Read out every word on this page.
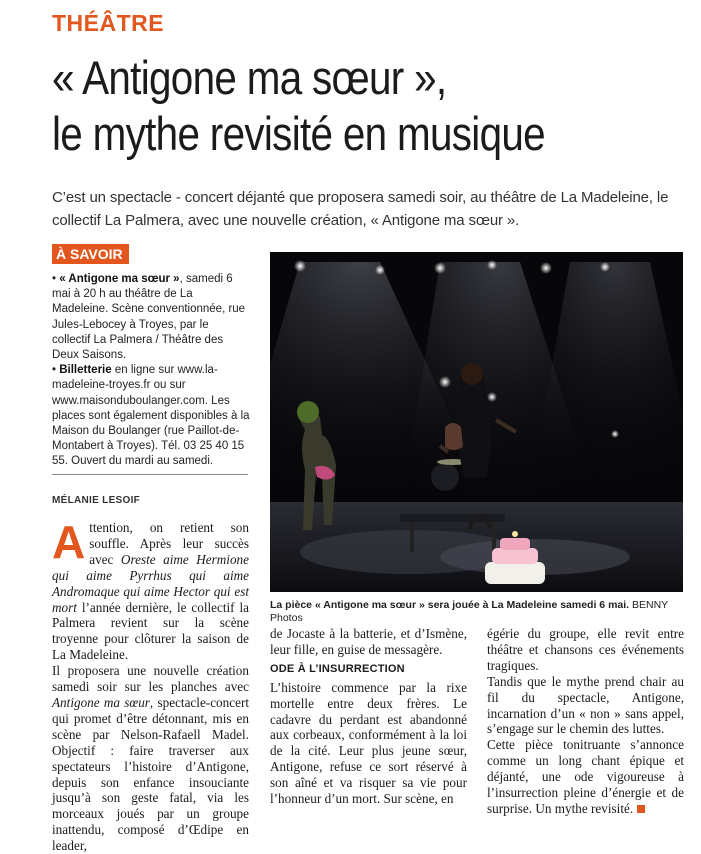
THÉÂTRE
« Antigone ma sœur »,
le mythe revisité en musique
C’est un spectacle - concert déjanté que proposera samedi soir, au théâtre de La Madeleine, le collectif La Palmera, avec une nouvelle création, « Antigone ma sœur ».
À SAVOIR

• « Antigone ma sœur », samedi 6 mai à 20 h au théâtre de La Madeleine. Scène conventionnée, rue Jules-Lebocey à Troyes, par le collectif La Palmera / Théâtre des Deux Saisons.

• Billetterie en ligne sur www.la-madeleine-troyes.fr ou sur www.maisonduboulanger.com. Les places sont également disponibles à la Maison du Boulanger (rue Paillot-de-Montabert à Troyes). Tél. 03 25 40 15 55. Ouvert du mardi au samedi.

MÉLANIE LESOIF
La pièce « Antigone ma sœur » sera jouée à La Madeleine samedi 6 mai. BENNY Photos

Attention, on retient son souffle. Après leur succès avec Oreste aime Hermione qui aime Pyrrhus qui aime Andromaque qui aime Hector qui est mort l’année dernière, le collectif la Palmera revient sur la scène troyenne pour clôturer la saison de La Madeleine.

Il proposera une nouvelle création samedi soir sur les planches avec Antigone ma sœur, spectacle-concert qui promet d’être détonnant, mis en scène par Nelson-Rafaell Madel. Objectif : faire traverser aux spectateurs l’histoire d’Antigone, depuis son enfance insouciante jusqu’à son geste fatal, via les morceaux joués par un groupe inattendu, composé d’Œdipe en leader,

de Jocaste à la batterie, et d’Ismène, leur fille, en guise de messagère.

ODE À L’INSURRECTION

L’histoire commence par la rixe mortelle entre deux frères. Le cadavre du perdant est abandonné aux corbeaux, conformément à la loi de la cité. Leur plus jeune sœur, Antigone, refuse ce sort réservé à son aîné et va risquer sa vie pour l’honneur d’un mort. Sur scène, en

égérie du groupe, elle revit entre théâtre et chansons ces événements tragiques.

Tandis que le mythe prend chair au fil du spectacle, Antigone, incarnation d’un « non » sans appel, s’engage sur le chemin des luttes.

Cette pièce tonitruante s’annonce comme un long chant épique et déjanté, une ode vigoureuse à l’insurrection pleine d’énergie et de surprise. Un mythe revisité.
